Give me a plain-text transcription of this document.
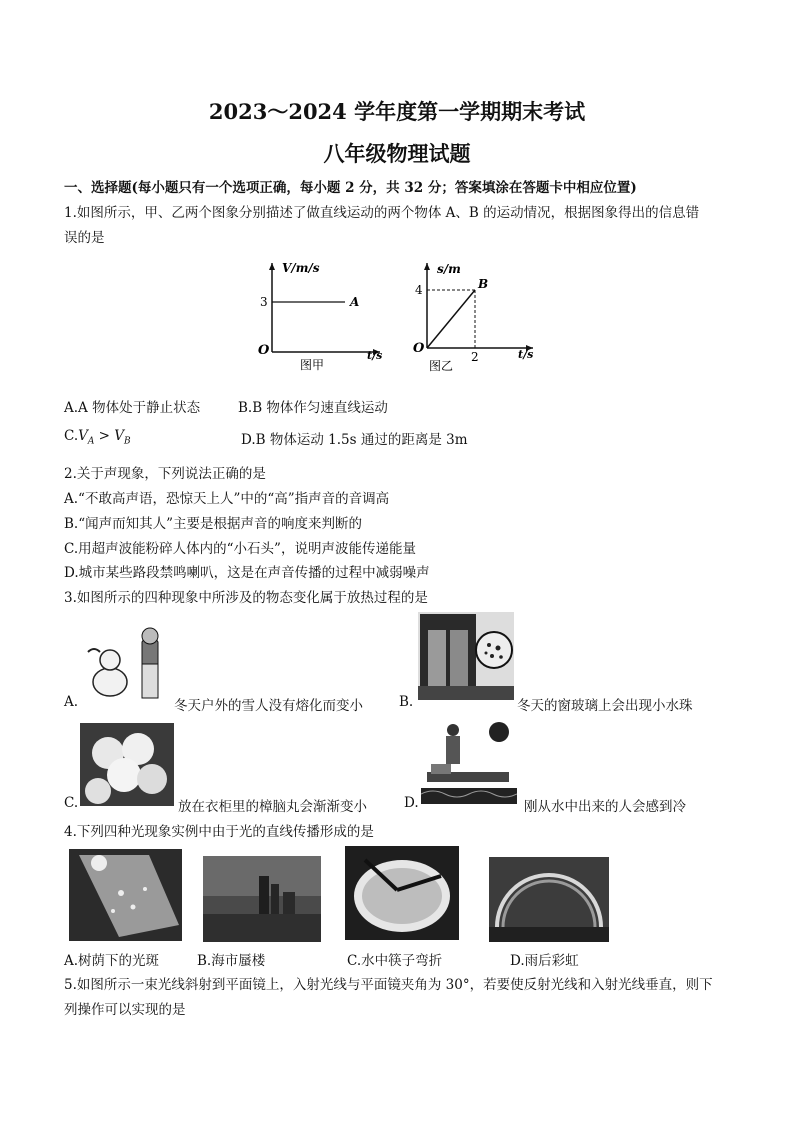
2023～2024 学年度第一学期期末考试
八年级物理试题
一、选择题(每小题只有一个选项正确，每小题 2 分，共 32 分；答案填涂在答题卡中相应位置)
1.如图所示，甲、乙两个图象分别描述了做直线运动的两个物体 A、B 的运动情况，根据图象得出的信息错
误的是
V/m/s
3	A
O	t/s
图甲
s/m
4	B
O
2	t/s
图乙
A.A 物体处于静止状态	B.B 物体作匀速直线运动
$C.V_A > V_B$	D.B 物体运动 1.5s 通过的距离是 3m
2.关于声现象，下列说法正确的是
A.“不敢高声语，恐惊天上人”中的“高”指声音的音调高
B.“闻声而知其人”主要是根据声音的响度来判断的
C.用超声波能粉碎人体内的“小石头”，说明声波能传递能量
D.城市某些路段禁鸣喇叭，这是在声音传播的过程中减弱噪声
3.如图所示的四种现象中所涉及的物态变化属于放热过程的是
A.	冬天户外的雪人没有熔化而变小	B.	冬天的窗玻璃上会出现小水珠
C.	放在衣柜里的樟脑丸会渐渐变小	D.	刚从水中出来的人会感到冷
4.下列四种光现象实例中由于光的直线传播形成的是
A.树荫下的光斑	B.海市蜃楼	C.水中筷子弯折	D.雨后彩虹
5.如图所示一束光线斜射到平面镜上，入射光线与平面镜夹角为 30°，若要使反射光线和入射光线垂直，则下
列操作可以实现的是
